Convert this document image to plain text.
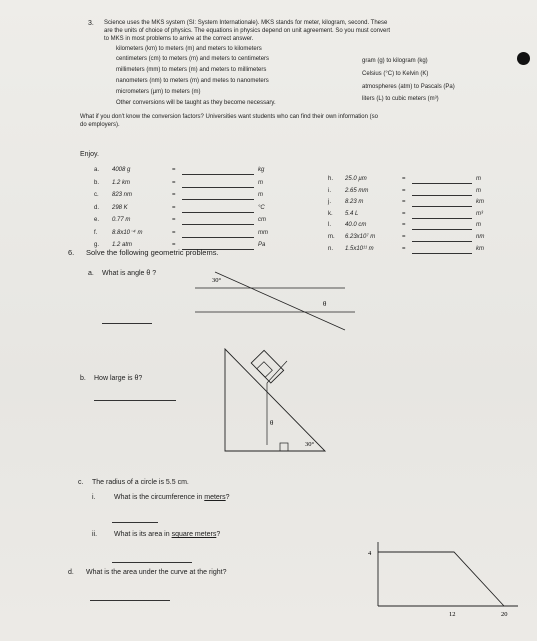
3. Science uses the MKS system (SI: System Internationale). MKS stands for meter, kilogram, second. These
are the units of choice of physics. The equations in physics depend on unit agreement. So you must convert
to MKS in most problems to arrive at the correct answer.
kilometers (km) to meters (m) and meters to kilometers
centimeters (cm) to meters (m) and meters to centimeters
millimeters (mm) to meters (m) and meters to millimeters
nanometers (nm) to meters (m) and metes to nanometers
micrometers (µm) to meters (m)
Other conversions will be taught as they become necessary.
gram (g) to kilogram (kg)
Celsius (°C) to Kelvin (K)
atmospheres (atm) to Pascals (Pa)
liters (L) to cubic meters (m³)
What if you don't know the conversion factors? Universities want students who can find their own information (so
do employers).
Enjoy.
a. 4008 g	=	kg
b. 1.2 km	=	m
c. 823 nm	=	m
d. 298 K	=	°C
e. 0.77 m	=	cm
f. 8.8x10⁻⁴ m	=	mm
g. 1.2 atm	=	Pa
h. 25.0 µm	=	m
i. 2.65 mm	=	m
j. 8.23 m	=	km
k. 5.4 L	=	m³
l. 40.0 cm	=	m
m. 6.23x10⁷ m	=	nm
n. 1.5x10¹¹ m	=	km
6. Solve the following geometric problems.
a. What is angle θ ?
30°
θ
b. How large is θ?
θ
30°
c. The radius of a circle is 5.5 cm.
i.	What is the circumference in meters?
ii. What is its area in square meters?
d. What is the area under the curve at the right?
4
12	20
